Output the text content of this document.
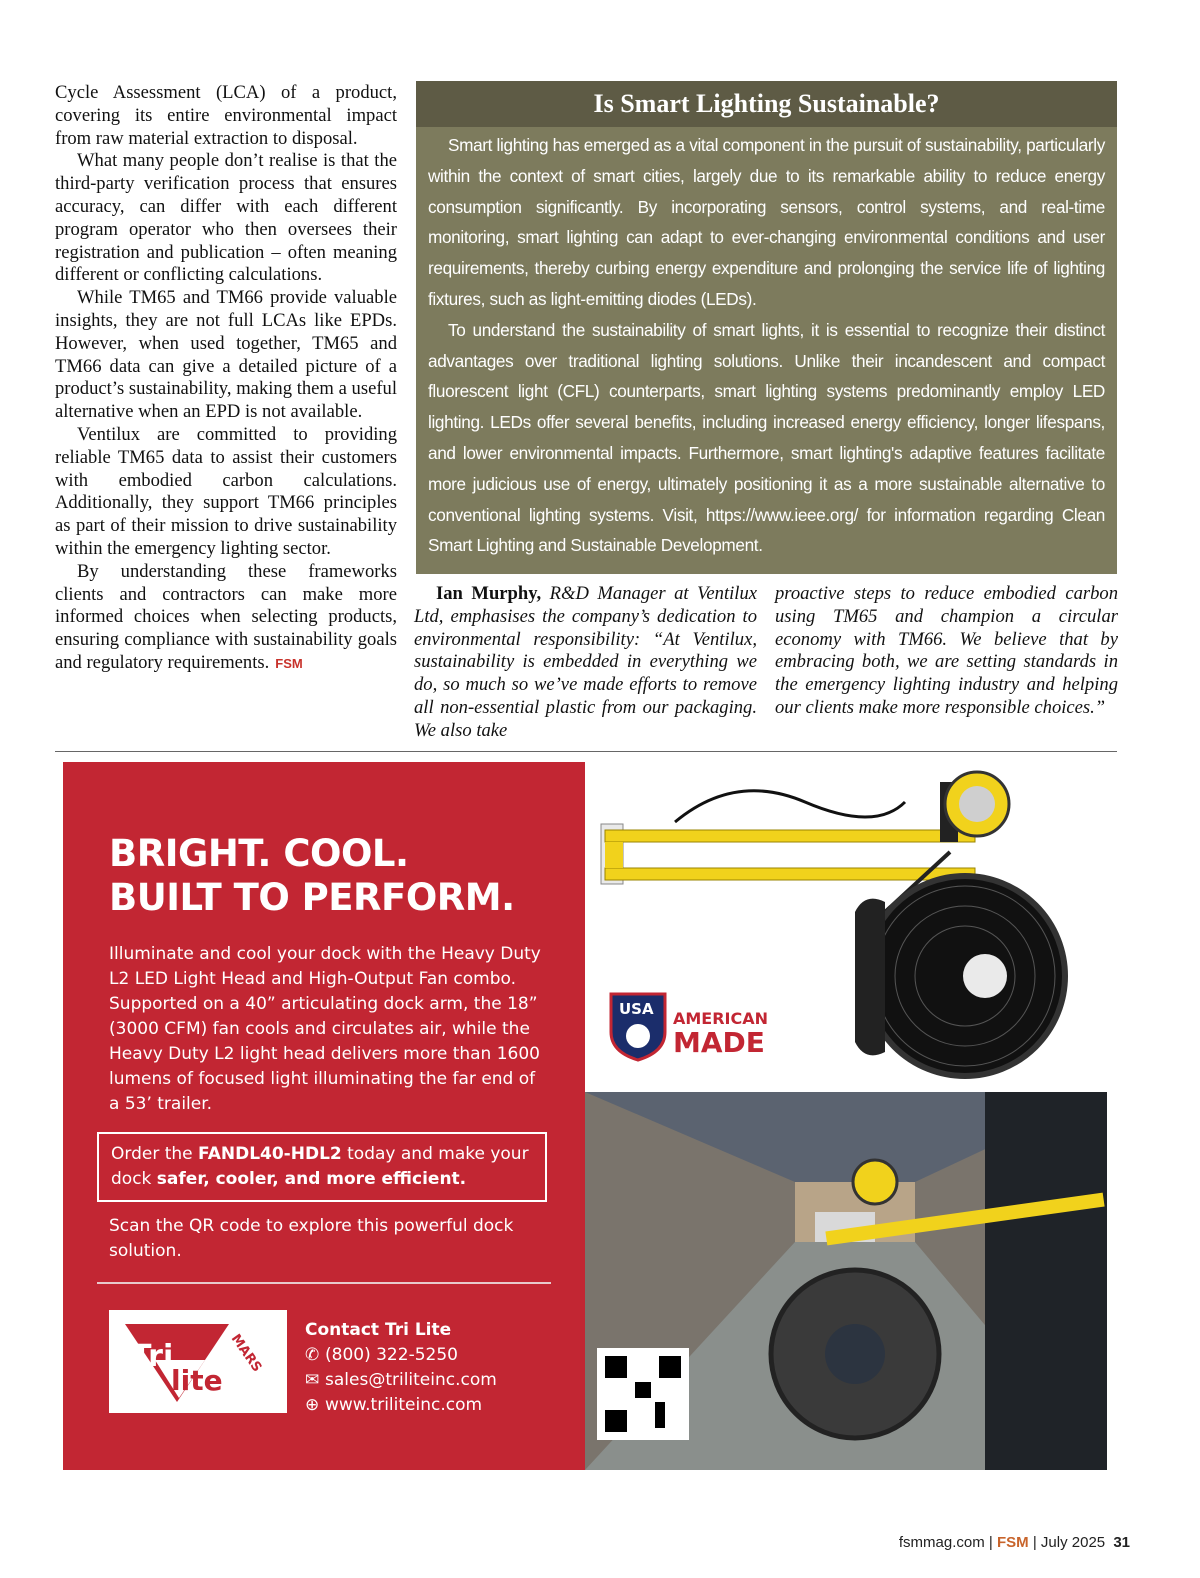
Cycle Assessment (LCA) of a product, covering its entire environmental impact from raw material extraction to disposal.

What many people don’t realise is that the third-party verification process that ensures accuracy, can differ with each different program operator who then oversees their registration and publication – often meaning different or conflicting calculations.

While TM65 and TM66 provide valuable insights, they are not full LCAs like EPDs. However, when used together, TM65 and TM66 data can give a detailed picture of a product’s sustainability, making them a useful alternative when an EPD is not available.

Ventilux are committed to providing reliable TM65 data to assist their customers with embodied carbon calculations. Additionally, they support TM66 principles as part of their mission to drive sustainability within the emergency lighting sector.

By understanding these frameworks clients and contractors can make more informed choices when selecting products, ensuring compliance with sustainability goals and regulatory requirements. FSM

Is Smart Lighting Sustainable?

Smart lighting has emerged as a vital component in the pursuit of sustainability, particularly within the context of smart cities, largely due to its remarkable ability to reduce energy consumption significantly. By incorporating sensors, control systems, and real-time monitoring, smart lighting can adapt to ever-changing environmental conditions and user requirements, thereby curbing energy expenditure and prolonging the service life of lighting fixtures, such as light-emitting diodes (LEDs).

To understand the sustainability of smart lights, it is essential to recognize their distinct advantages over traditional lighting solutions. Unlike their incandescent and compact fluorescent light (CFL) counterparts, smart lighting systems predominantly employ LED lighting. LEDs offer several benefits, including increased energy efficiency, longer lifespans, and lower environmental impacts. Furthermore, smart lighting's adaptive features facilitate more judicious use of energy, ultimately positioning it as a more sustainable alternative to conventional lighting systems. Visit, https://www.ieee.org/ for information regarding Clean Smart Lighting and Sustainable Development.

Ian Murphy, R&D Manager at Ventilux Ltd, emphasises the company’s dedication to environmental responsibility: “At Ventilux, sustainability is embedded in everything we do, so much so we’ve made efforts to remove all non-essential plastic from our packaging. We also take

proactive steps to reduce embodied carbon using TM65 and champion a circular economy with TM66. We believe that by embracing both, we are setting standards in the emergency lighting industry and helping our clients make more responsible choices.”

BRIGHT. COOL.
BUILT TO PERFORM.
Illuminate and cool your dock with the Heavy Duty L2 LED Light Head and High-Output Fan combo. Supported on a 40” articulating dock arm, the 18” (3000 CFM) fan cools and circulates air, while the Heavy Duty L2 light head delivers more than 1600 lumens of focused light illuminating the far end of a 53’ trailer.
Order the FANDL40-HDL2 today and make your dock safer, cooler, and more efficient.
Scan the QR code to explore this powerful dock solution.
Tri
lite
MARS
Contact Tri Lite
✆ (800) 322-5250
✉ sales@triliteinc.com
⊕ www.triliteinc.com
USA AMERICAN
MADE
fsmmag.com | FSM | July 2025 31
